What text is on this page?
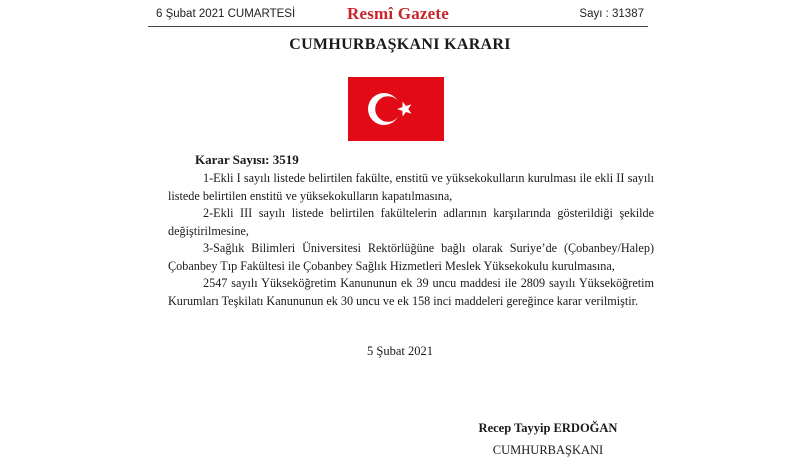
6 Şubat 2021 CUMARTESİ	Resmî Gazete	Sayı : 31387
CUMHURBAŞKANI KARARI
Karar Sayısı: 3519

1-Ekli I sayılı listede belirtilen fakülte, enstitü ve yüksekokulların kurulması ile ekli II sayılı listede belirtilen enstitü ve yüksekokulların kapatılmasına,

2-Ekli III sayılı listede belirtilen fakültelerin adlarının karşılarında gösterildiği şekilde değiştirilmesine,

3-Sağlık Bilimleri Üniversitesi Rektörlüğüne bağlı olarak Suriye’de (Çobanbey/Halep) Çobanbey Tıp Fakültesi ile Çobanbey Sağlık Hizmetleri Meslek Yüksekokulu kurulmasına,

2547 sayılı Yükseköğretim Kanununun ek 39 uncu maddesi ile 2809 sayılı Yükseköğretim Kurumları Teşkilatı Kanununun ek 30 uncu ve ek 158 inci maddeleri gereğince karar verilmiştir.

5 Şubat 2021
Recep Tayyip ERDOĞAN
CUMHURBAŞKANI
